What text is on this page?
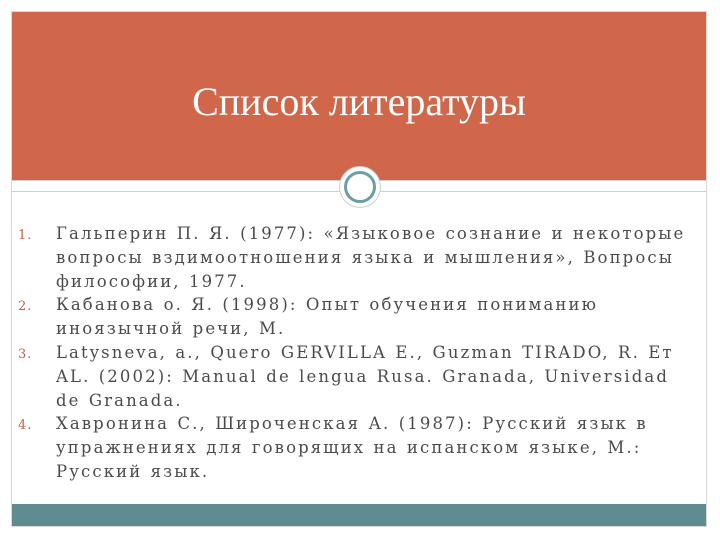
Список литературы
1.	Гальперин П. Я. (1977): «Языковое сознание и некоторые вопросы вздимоотношения языка и мышления», Вопросы философии, 1977.
2.	Кабанова о. Я. (1998): Опыт обучения пониманию иноязычной речи, М.
3.	Latysneva, a., Quero GERVILLA E., Guzman TIRADO, R. Ет AL. (2002): Manual de lengua Rusa. Granada, Universidad de Granada.
4.	Хавронина С., Широченская А. (1987): Русский язык в упражнениях для говорящих на испанском языке, М.: Русский язык.
